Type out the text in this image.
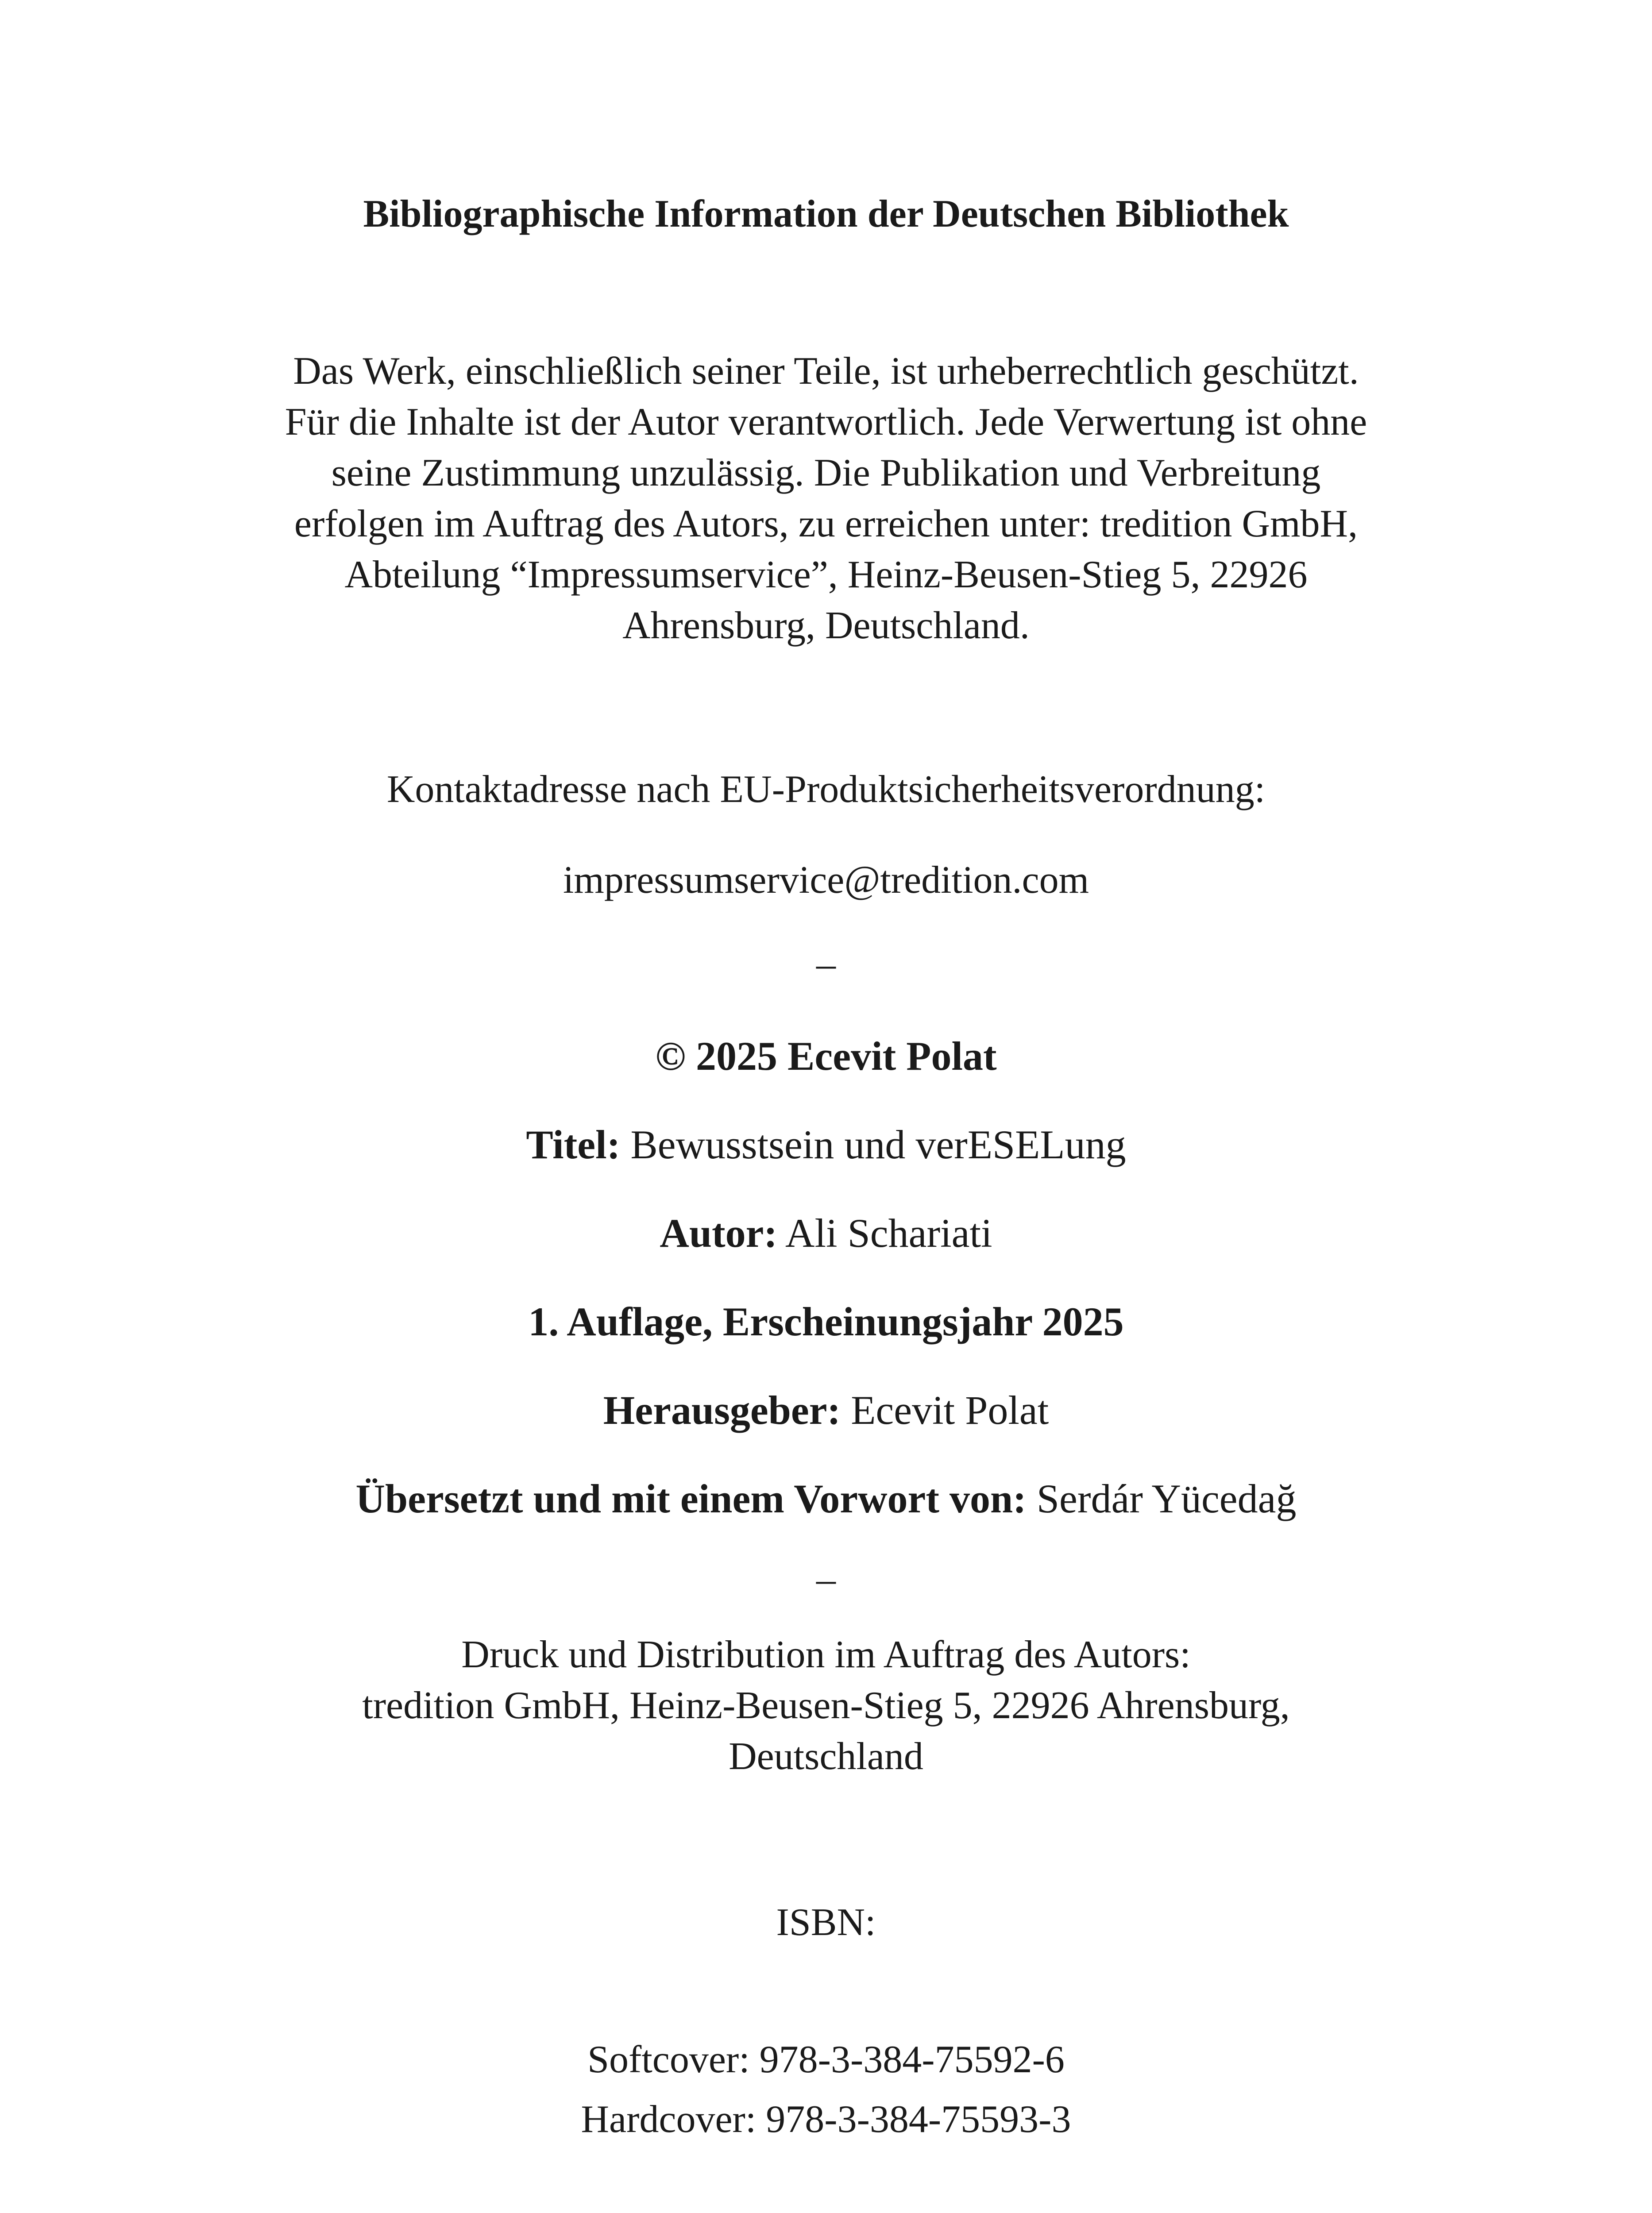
Bibliographische Information der Deutschen Bibliothek
Das Werk, einschließlich seiner Teile, ist urheberrechtlich geschützt.
Für die Inhalte ist der Autor verantwortlich. Jede Verwertung ist ohne
seine Zustimmung unzulässig. Die Publikation und Verbreitung
erfolgen im Auftrag des Autors, zu erreichen unter: tredition GmbH,
Abteilung “Impressumservice”, Heinz-Beusen-Stieg 5, 22926
Ahrensburg, Deutschland.
Kontaktadresse nach EU-Produktsicherheitsverordnung:
impressumservice@tredition.com
–
© 2025 Ecevit Polat
Titel: Bewusstsein und verESELung
Autor: Ali Schariati
1. Auflage, Erscheinungsjahr 2025
Herausgeber: Ecevit Polat
Übersetzt und mit einem Vorwort von: Serdár Yücedağ
–
Druck und Distribution im Auftrag des Autors:
tredition GmbH, Heinz-Beusen-Stieg 5, 22926 Ahrensburg,
Deutschland
ISBN:
Softcover: 978-3-384-75592-6
Hardcover: 978-3-384-75593-3
